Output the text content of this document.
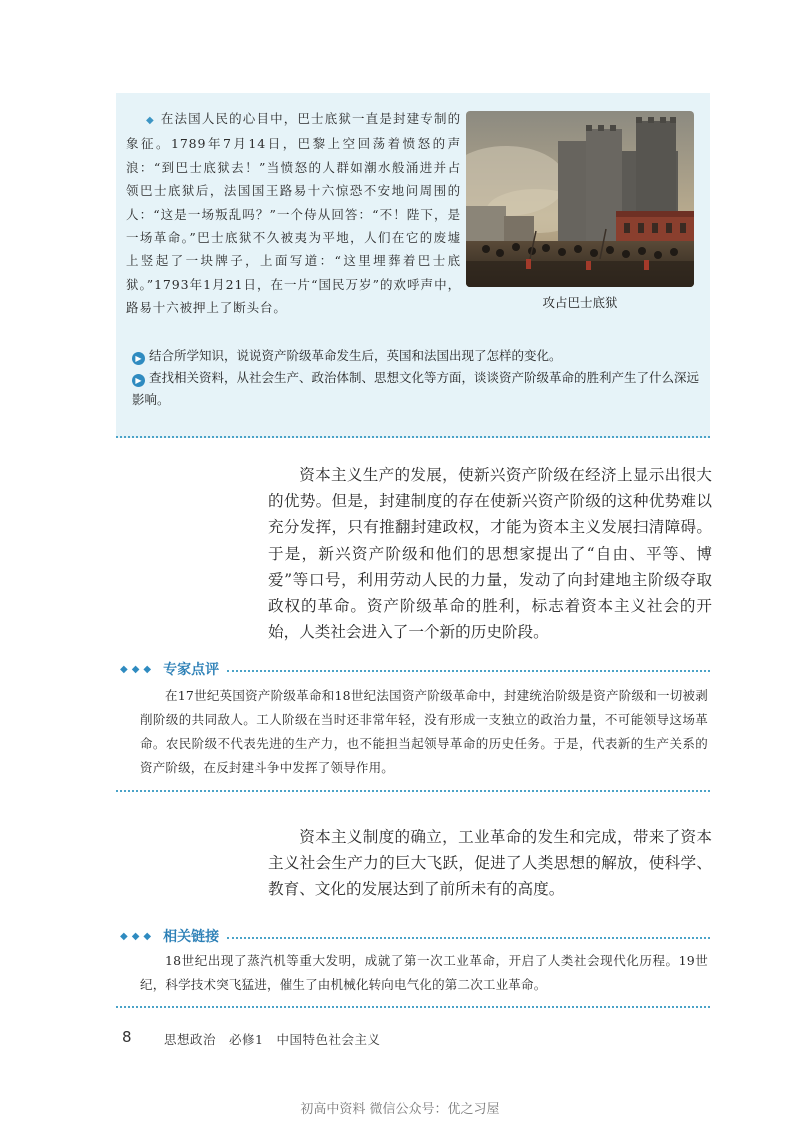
◆ 在法国人民的心目中，巴士底狱一直是封建专制的象征。1789年7月14日，巴黎上空回荡着愤怒的声浪：“到巴士底狱去！”当愤怒的人群如潮水般涌进并占领巴士底狱后，法国国王路易十六惊恐不安地问周围的人：“这是一场叛乱吗？”一个侍从回答：“不！陛下，是一场革命。”巴士底狱不久被夷为平地，人们在它的废墟上竖起了一块牌子，上面写道：“这里埋葬着巴士底狱。”1793年1月21日，在一片“国民万岁”的欢呼声中，路易十六被押上了断头台。	攻占巴士底狱
▶ 结合所学知识，说说资产阶级革命发生后，英国和法国出现了怎样的变化。
▶ 查找相关资料，从社会生产、政治体制、思想文化等方面，谈谈资产阶级革命的胜利产生了什么深远影响。

资本主义生产的发展，使新兴资产阶级在经济上显示出很大的优势。但是，封建制度的存在使新兴资产阶级的这种优势难以充分发挥，只有推翻封建政权，才能为资本主义发展扫清障碍。于是，新兴资产阶级和他们的思想家提出了“自由、平等、博爱”等口号，利用劳动人民的力量，发动了向封建地主阶级夺取政权的革命。资产阶级革命的胜利，标志着资本主义社会的开始，人类社会进入了一个新的历史阶段。

◆◆◆ 专家点评

在17世纪英国资产阶级革命和18世纪法国资产阶级革命中，封建统治阶级是资产阶级和一切被剥削阶级的共同敌人。工人阶级在当时还非常年轻，没有形成一支独立的政治力量，不可能领导这场革命。农民阶级不代表先进的生产力，也不能担当起领导革命的历史任务。于是，代表新的生产关系的资产阶级，在反封建斗争中发挥了领导作用。

资本主义制度的确立，工业革命的发生和完成，带来了资本主义社会生产力的巨大飞跃，促进了人类思想的解放，使科学、教育、文化的发展达到了前所未有的高度。

◆◆◆ 相关链接

18世纪出现了蒸汽机等重大发明，成就了第一次工业革命，开启了人类社会现代化历程。19世纪，科学技术突飞猛进，催生了由机械化转向电气化的第二次工业革命。

8	思想政治　必修1　中国特色社会主义
初高中资料 微信公众号：优之习屋
